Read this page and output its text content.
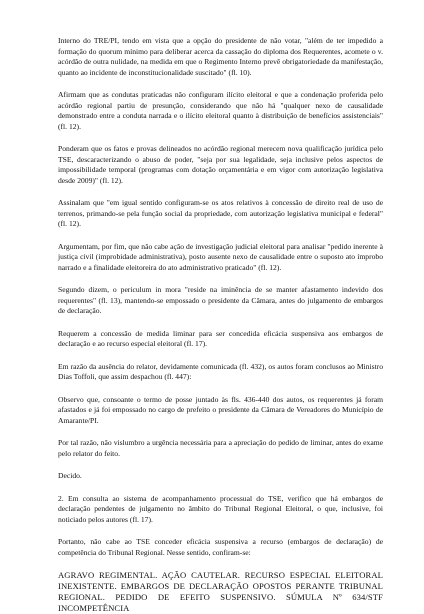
Interno do TRE/PI, tendo em vista que a opção do presidente de não votar, "além de ter impedido a formação do quorum mínimo para deliberar acerca da cassação do diploma dos Requerentes, acomete o v. acórdão de outra nulidade, na medida em que o Regimento Interno prevê obrigatoriedade da manifestação, quanto ao incidente de inconstitucionalidade suscitado" (fl. 10).

Afirmam que as condutas praticadas não configuram ilícito eleitoral e que a condenação proferida pelo acórdão regional partiu de presunção, considerando que não há "qualquer nexo de causalidade demonstrado entre a conduta narrada e o ilícito eleitoral quanto à distribuição de benefícios assistenciais" (fl. 12).

Ponderam que os fatos e provas delineados no acórdão regional merecem nova qualificação jurídica pelo TSE, descaracterizando o abuso de poder, "seja por sua legalidade, seja inclusive pelos aspectos de impossibilidade temporal (programas com dotação orçamentária e em vigor com autorização legislativa desde 2009)" (fl. 12).

Assinalam que "em igual sentido configuram-se os atos relativos à concessão de direito real de uso de terrenos, primando-se pela função social da propriedade, com autorização legislativa municipal e federal" (fl. 12).

Argumentam, por fim, que não cabe ação de investigação judicial eleitoral para analisar "pedido inerente à justiça civil (improbidade administrativa), posto ausente nexo de causalidade entre o suposto ato ímprobo narrado e a finalidade eleitoreira do ato administrativo praticado" (fl. 12).

Segundo dizem, o periculum in mora "reside na iminência de se manter afastamento indevido dos requerentes" (fl. 13), mantendo-se empossado o presidente da Câmara, antes do julgamento de embargos de declaração.

Requerem a concessão de medida liminar para ser concedida eficácia suspensiva aos embargos de declaração e ao recurso especial eleitoral (fl. 17).

Em razão da ausência do relator, devidamente comunicada (fl. 432), os autos foram conclusos ao Ministro Dias Toffoli, que assim despachou (fl. 447):

Observo que, consoante o termo de posse juntado às fls. 436-440 dos autos, os requerentes já foram afastados e já foi empossado no cargo de prefeito o presidente da Câmara de Vereadores do Município de Amarante/PI.

Por tal razão, não vislumbro a urgência necessária para a apreciação do pedido de liminar, antes do exame pelo relator do feito.

Decido.

2. Em consulta ao sistema de acompanhamento processual do TSE, verifico que há embargos de declaração pendentes de julgamento no âmbito do Tribunal Regional Eleitoral, o que, inclusive, foi noticiado pelos autores (fl. 17).

Portanto, não cabe ao TSE conceder eficácia suspensiva a recurso (embargos de declaração) de competência do Tribunal Regional. Nesse sentido, confiram-se:

AGRAVO REGIMENTAL. AÇÃO CAUTELAR. RECURSO ESPECIAL ELEITORAL INEXISTENTE. EMBARGOS DE DECLARAÇÃO OPOSTOS PERANTE TRIBUNAL REGIONAL. PEDIDO DE EFEITO SUSPENSIVO. SÚMULA Nº 634/STF INCOMPETÊNCIA
